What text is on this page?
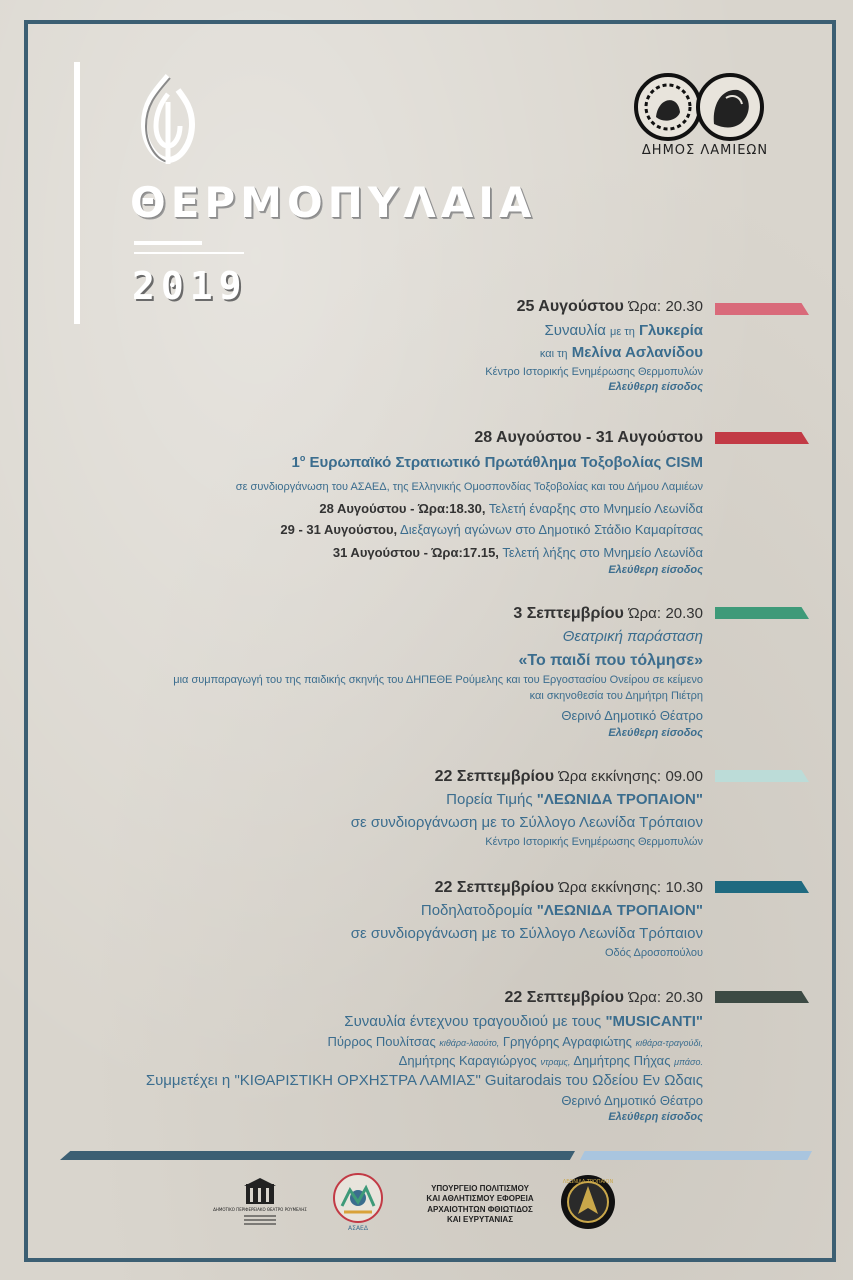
ΘΕΡΜΟΠΥΛΑΙΑ
2019
ΔΗΜΟΣ ΛΑΜΙΕΩΝ
25 Αυγούστου Ώρα: 20.30
Συναυλία με τη Γλυκερία
και τη Μελίνα Ασλανίδου
Κέντρο Ιστορικής Ενημέρωσης Θερμοπυλών
Ελεύθερη είσοδος
28 Αυγούστου - 31 Αυγούστου
$1^o$ Ευρωπαϊκό Στρατιωτικό Πρωτάθλημα Τοξοβολίας CISM
σε συνδιοργάνωση του ΑΣΑΕΔ, της Ελληνικής Ομοσπονδίας Τοξοβολίας και του Δήμου Λαμιέων
28 Αυγούστου - Ώρα:18.30, Τελετή έναρξης στο Μνημείο Λεωνίδα
29 - 31 Αυγούστου, Διεξαγωγή αγώνων στο Δημοτικό Στάδιο Καμαρίτσας
31 Αυγούστου - Ώρα:17.15, Τελετή λήξης στο Μνημείο Λεωνίδα
Ελεύθερη είσοδος
3 Σεπτεμβρίου Ώρα: 20.30
Θεατρική παράσταση
«Το παιδί που τόλμησε»
μια συμπαραγωγή του της παιδικής σκηνής του ΔΗΠΕΘΕ Ρούμελης και του Εργοστασίου Ονείρου σε κείμενο
και σκηνοθεσία του Δημήτρη Πιέτρη
Θερινό Δημοτικό Θέατρο
Ελεύθερη είσοδος
22 Σεπτεμβρίου Ώρα εκκίνησης: 09.00
Πορεία Τιμής "ΛΕΩΝΙΔΑ ΤΡΟΠΑΙΟΝ"
σε συνδιοργάνωση με το Σύλλογο Λεωνίδα Τρόπαιον
Κέντρο Ιστορικής Ενημέρωσης Θερμοπυλών
22 Σεπτεμβρίου Ώρα εκκίνησης: 10.30
Ποδηλατοδρομία "ΛΕΩΝΙΔΑ ΤΡΟΠΑΙΟΝ"
σε συνδιοργάνωση με το Σύλλογο Λεωνίδα Τρόπαιον
Οδός Δροσοπούλου
22 Σεπτεμβρίου Ώρα: 20.30
Συναυλία έντεχνου τραγουδιού με τους "MUSICANTI"
Πύρρος Πουλίτσας κιθάρα-λαούτο, Γρηγόρης Αγραφιώτης κιθάρα-τραγούδι,
Δημήτρης Καραγιώργος ντραμς, Δημήτρης Πήχας μπάσο.
Συμμετέχει η "ΚΙΘΑΡΙΣΤΙΚΗ ΟΡΧΗΣΤΡΑ ΛΑΜΙΑΣ" Guitarodais του Ωδείου Εν Ωδαις
Θερινό Δημοτικό Θέατρο
Ελεύθερη είσοδος
ΔΗΜΟΤΙΚΟ ΠΕΡΙΦΕΡΕΙΑΚΟ ΘΕΑΤΡΟ ΡΟΥΜΕΛΗΣ
ΑΣΑΕΔ
ΥΠΟΥΡΓΕΙΟ ΠΟΛΙΤΙΣΜΟΥ ΚΑΙ ΑΘΛΗΤΙΣΜΟΥ ΕΦΟΡΕΙΑ ΑΡΧΑΙΟΤΗΤΩΝ ΦΘΙΩΤΙΔΟΣ ΚΑΙ ΕΥΡΥΤΑΝΙΑΣ
ΛΕΩΝΙΔΑ ΤΡΟΠΑΙΟΝ
